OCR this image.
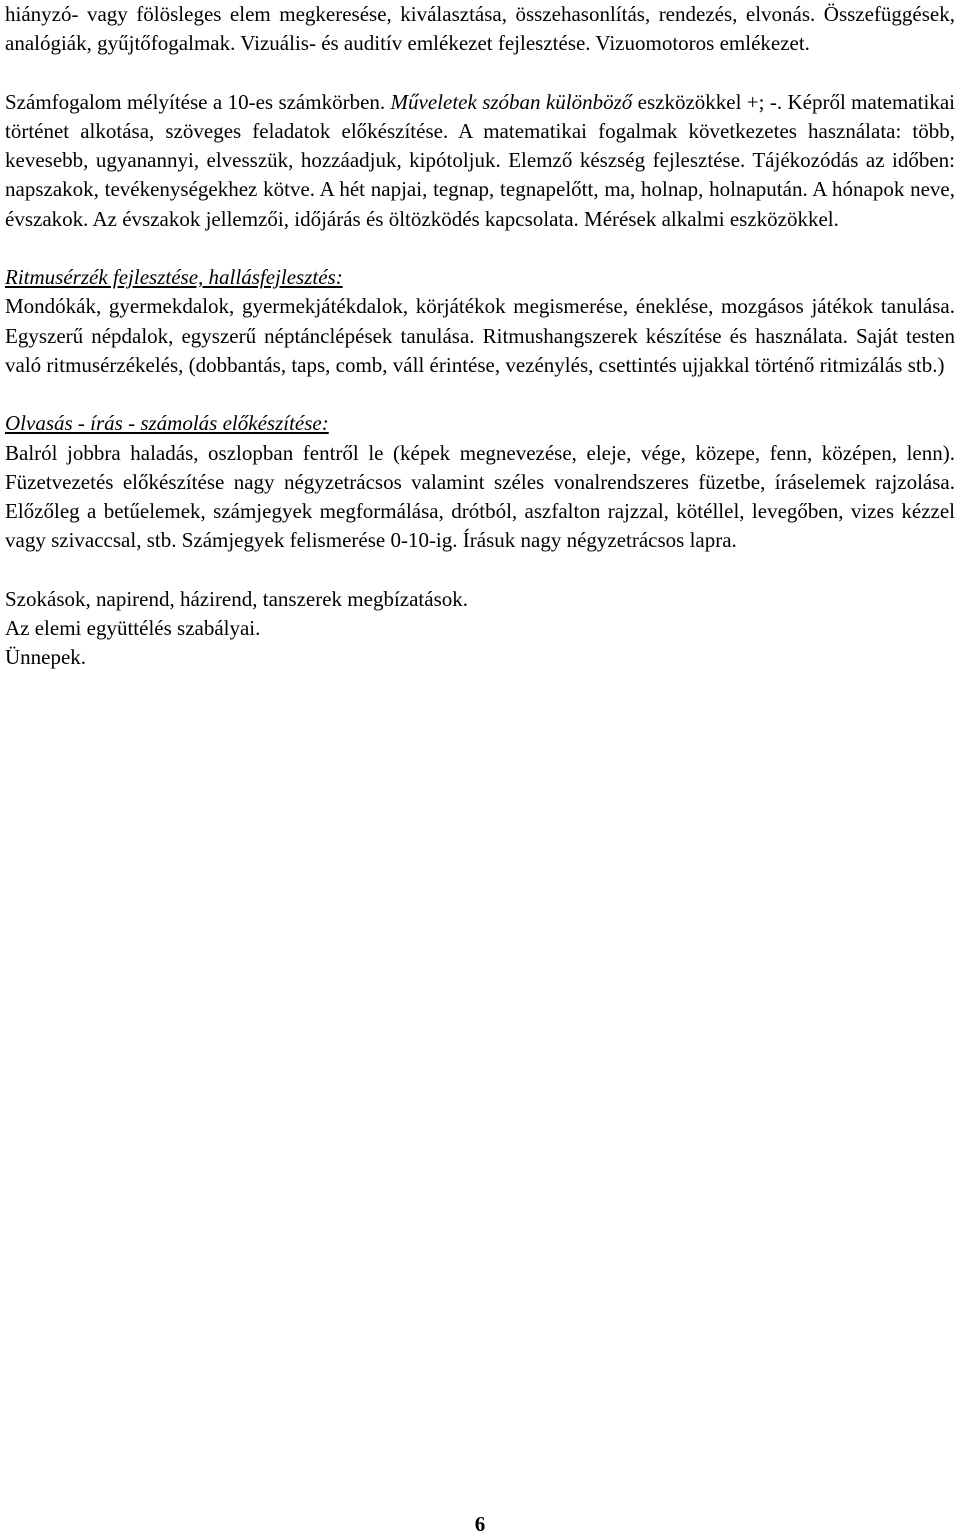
hiányzó- vagy fölösleges elem megkeresése, kiválasztása, összehasonlítás, rendezés, elvonás. Összefüggések, analógiák, gyűjtőfogalmak. Vizuális- és auditív emlékezet fejlesztése. Vizuomotoros emlékezet.

Számfogalom mélyítése a 10-es számkörben. Műveletek szóban különböző eszközökkel +; -. Képről matematikai történet alkotása, szöveges feladatok előkészítése. A matematikai fogalmak következetes használata: több, kevesebb, ugyanannyi, elvesszük, hozzáadjuk, kipótoljuk. Elemző készség fejlesztése. Tájékozódás az időben: napszakok, tevékenységekhez kötve. A hét napjai, tegnap, tegnapelőtt, ma, holnap, holnapután. A hónapok neve, évszakok. Az évszakok jellemzői, időjárás és öltözködés kapcsolata. Mérések alkalmi eszközökkel.

Ritmusérzék fejlesztése, hallásfejlesztés:

Mondókák, gyermekdalok, gyermekjátékdalok, körjátékok megismerése, éneklése, mozgásos játékok tanulása. Egyszerű népdalok, egyszerű néptánclépések tanulása. Ritmushangszerek készítése és használata. Saját testen való ritmusérzékelés, (dobbantás, taps, comb, váll érintése, vezénylés, csettintés ujjakkal történő ritmizálás stb.)

Olvasás - írás - számolás előkészítése:

Balról jobbra haladás, oszlopban fentről le (képek megnevezése, eleje, vége, közepe, fenn, középen, lenn). Füzetvezetés előkészítése nagy négyzetrácsos valamint széles vonalrendszeres füzetbe, íráselemek rajzolása. Előzőleg a betűelemek, számjegyek megformálása, drótból, aszfalton rajzzal, kötéllel, levegőben, vizes kézzel vagy szivaccsal, stb. Számjegyek felismerése 0-10-ig. Írásuk nagy négyzetrácsos lapra.

Szokások, napirend, házirend, tanszerek megbízatások.

Az elemi együttélés szabályai.

Ünnepek.

6
